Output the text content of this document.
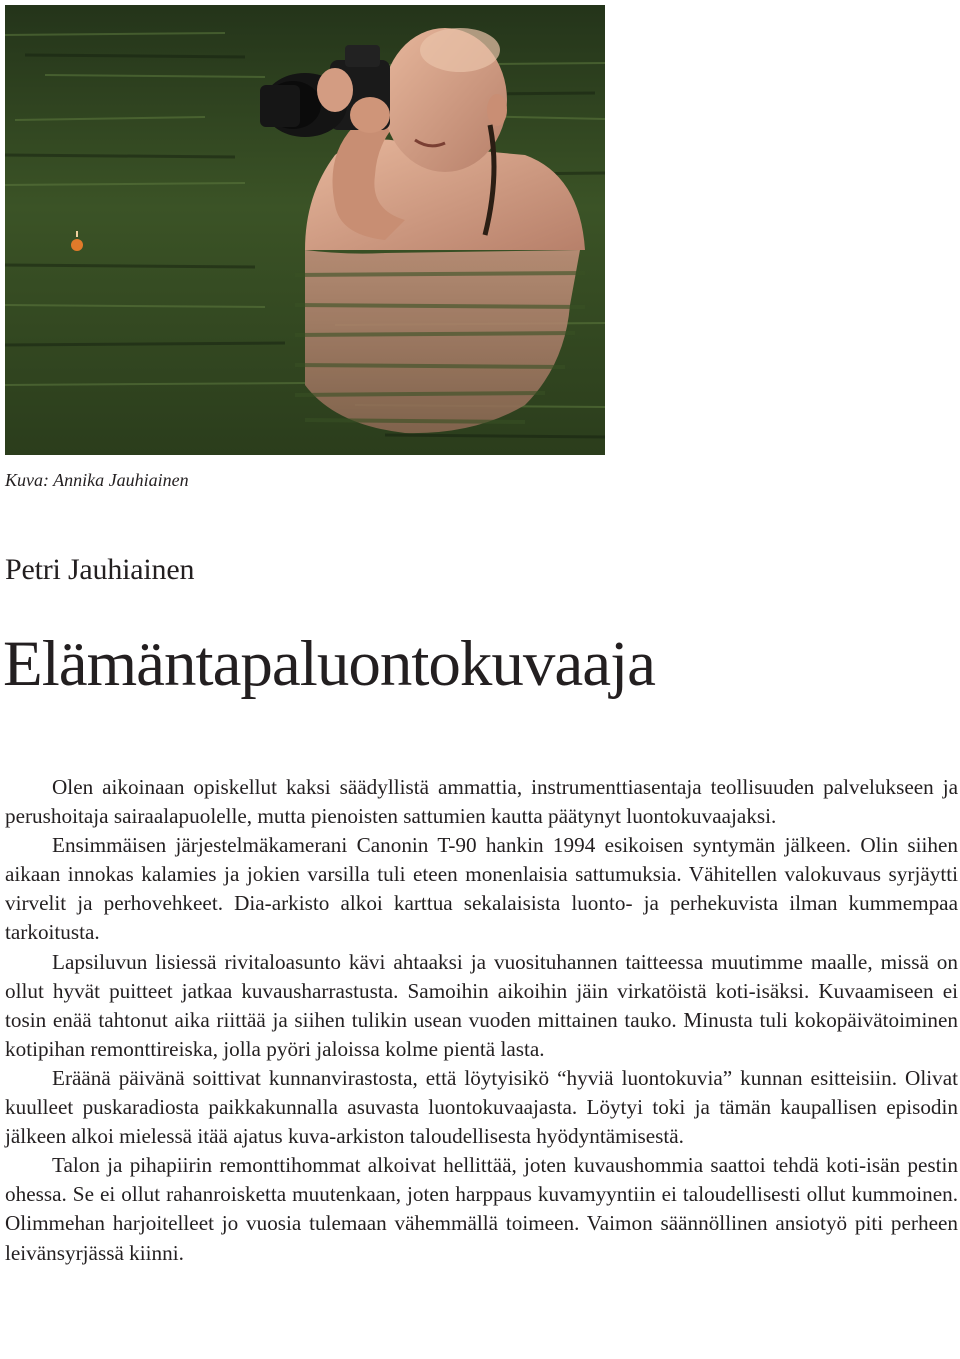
Kuva: Annika Jauhiainen
Petri Jauhiainen
Elämäntapaluontokuvaaja

Olen aikoinaan opiskellut kaksi säädyllistä ammattia, instrumenttiasentaja teollisuuden palvelukseen ja perushoitaja sairaalapuolelle, mutta pienoisten sattumien kautta päätynyt luontokuvaajaksi.

Ensimmäisen järjestelmäkamerani Canonin T-90 hankin 1994 esikoisen syntymän jälkeen. Olin siihen aikaan innokas kalamies ja jokien varsilla tuli eteen monenlaisia sattumuksia. Vähitellen valokuvaus syrjäytti virvelit ja perhovehkeet. Dia-arkisto alkoi karttua sekalaisista luonto- ja perhekuvista ilman kummempaa tarkoitusta.

Lapsiluvun lisiessä rivitaloasunto kävi ahtaaksi ja vuosituhannen taitteessa muutimme maalle, missä on ollut hyvät puitteet jatkaa kuvausharrastusta. Samoihin aikoihin jäin virkatöistä koti-isäksi. Kuvaamiseen ei tosin enää tahtonut aika riittää ja siihen tulikin usean vuoden mittainen tauko. Minusta tuli kokopäivätoiminen kotipihan remonttireiska, jolla pyöri jaloissa kolme pientä lasta.

Eräänä päivänä soittivat kunnanvirastosta, että löytyisikö “hyviä luontokuvia” kunnan esitteisiin. Olivat kuulleet puskaradiosta paikkakunnalla asuvasta luontokuvaajasta. Löytyi toki ja tämän kaupallisen episodin jälkeen alkoi mielessä itää ajatus kuva-arkiston taloudellisesta hyödyntämisestä.

Talon ja pihapiirin remonttihommat alkoivat hellittää, joten kuvaushommia saattoi tehdä koti-isän pestin ohessa. Se ei ollut rahanroisketta muutenkaan, joten harppaus kuvamyyntiin ei taloudellisesti ollut kummoinen. Olimmehan harjoitelleet jo vuosia tulemaan vähemmällä toimeen. Vaimon säännöllinen ansiotyö piti perheen leivänsyrjässä kiinni.
